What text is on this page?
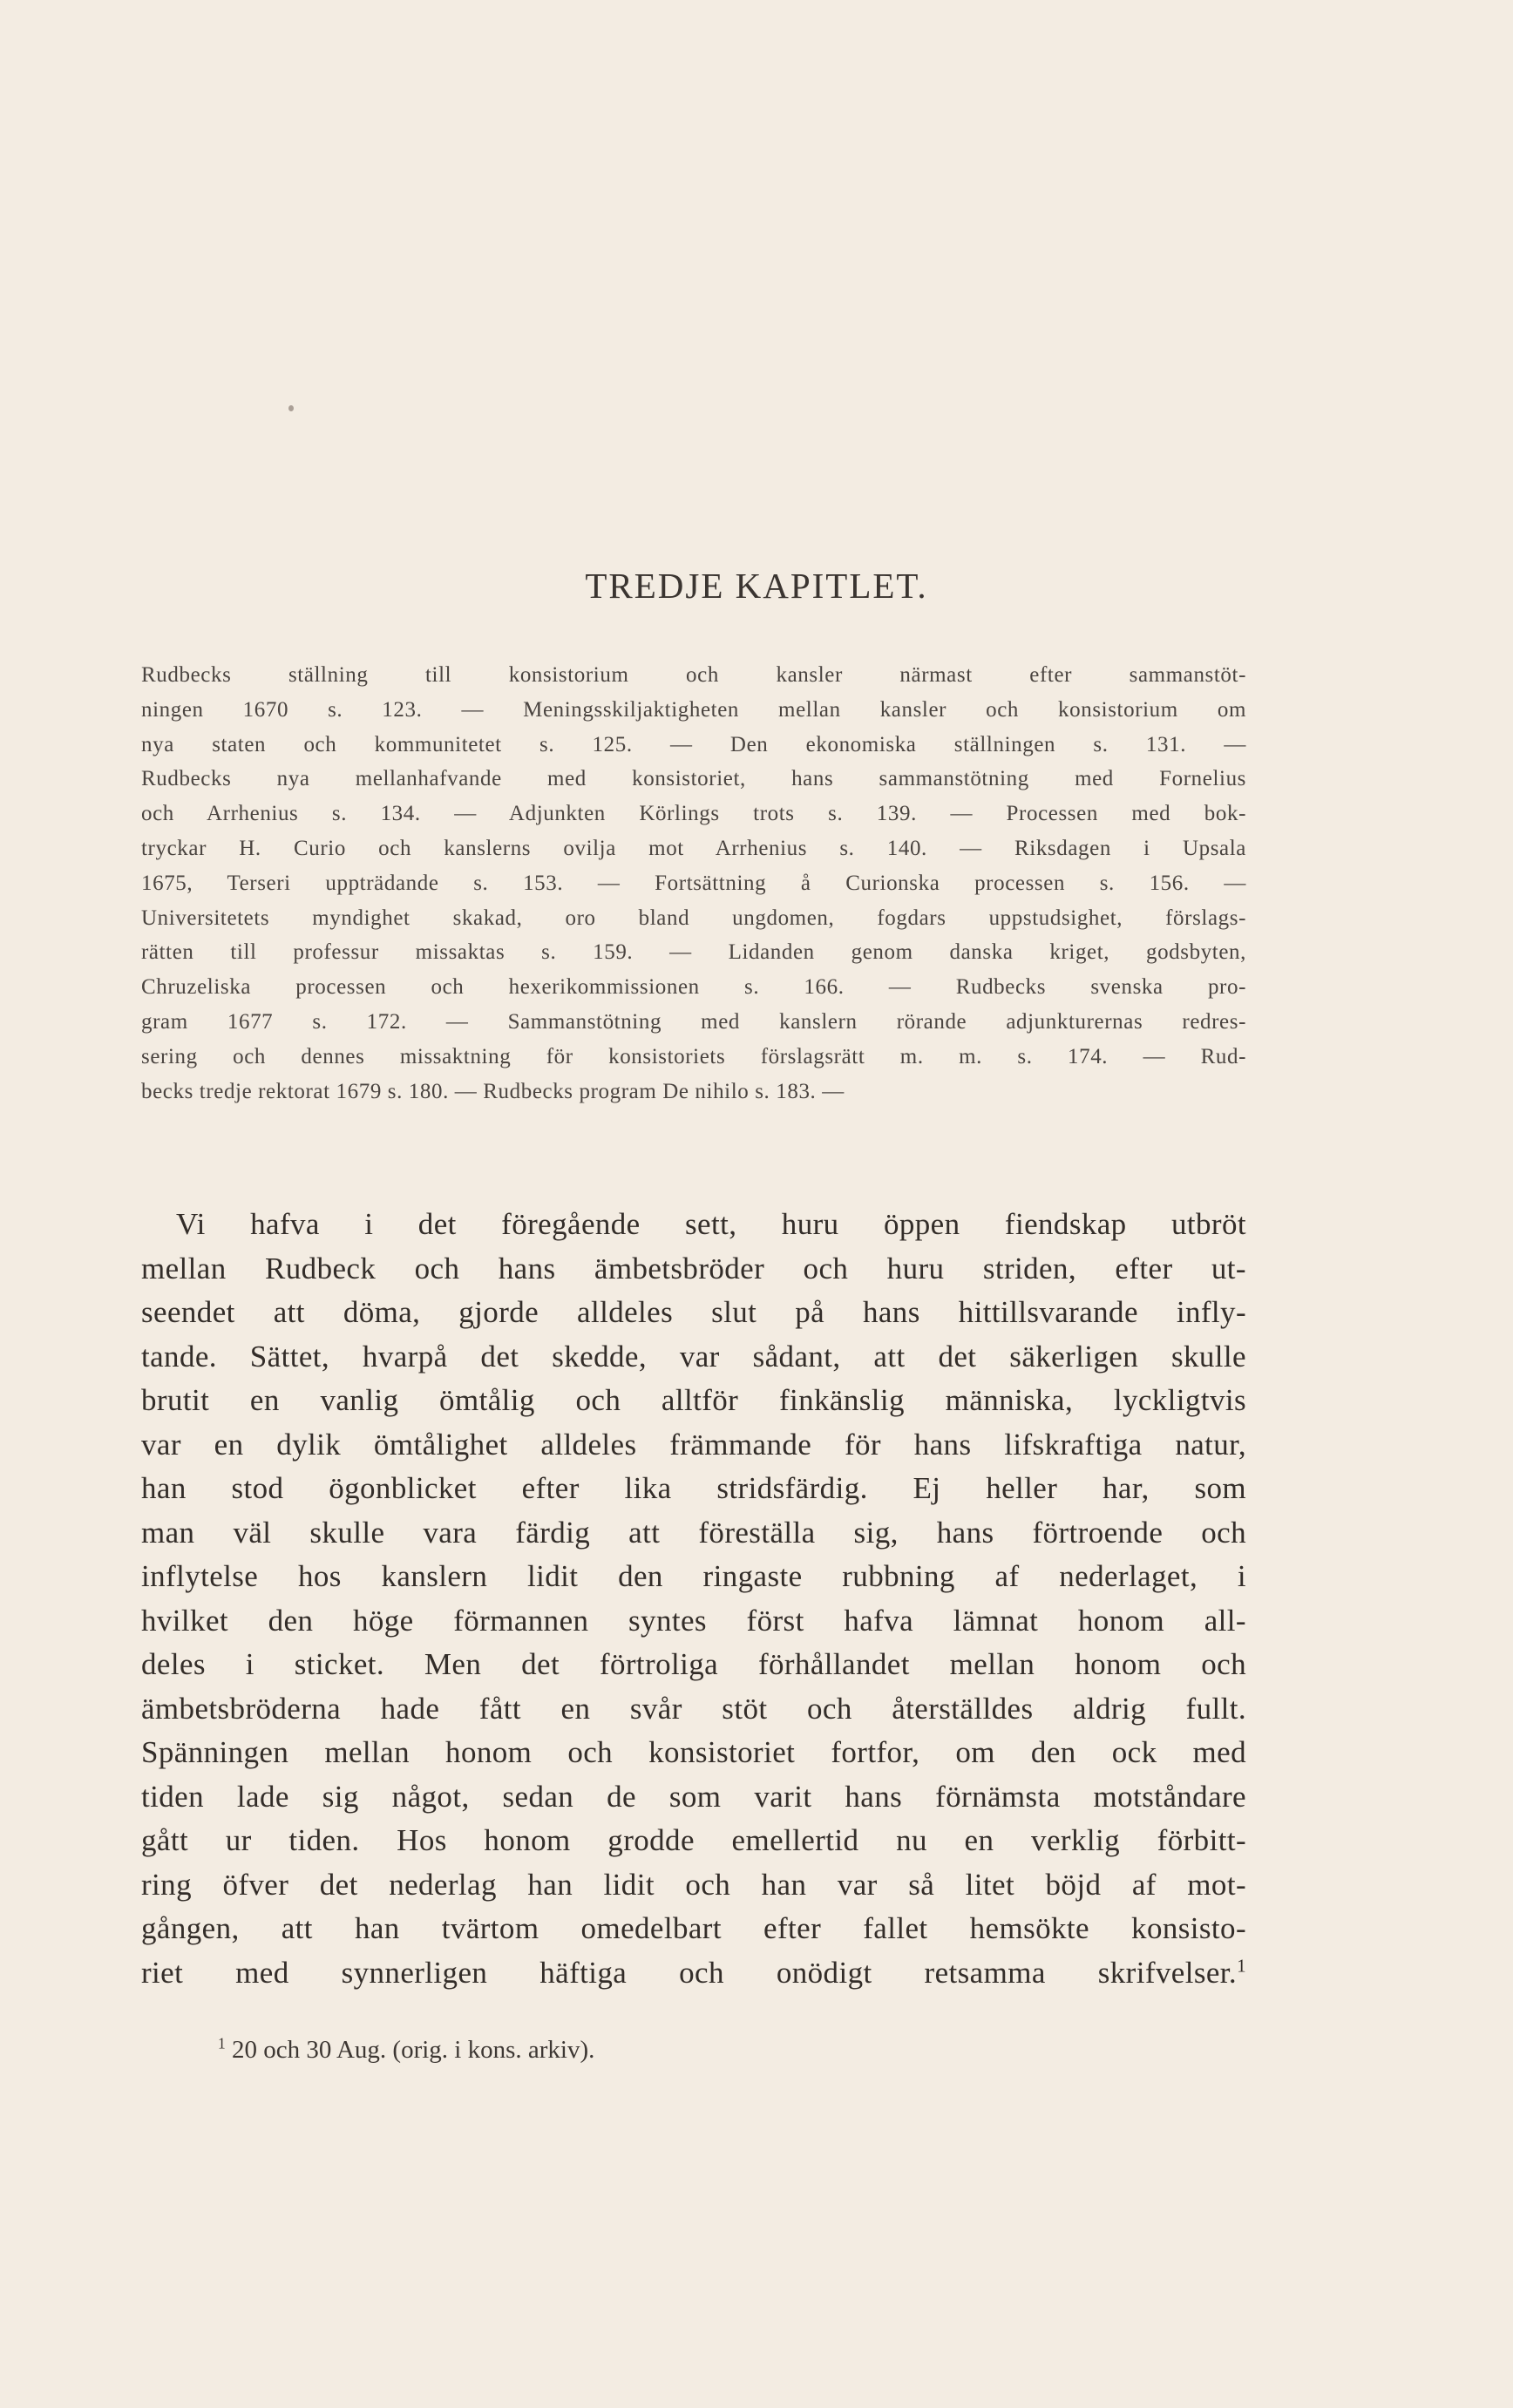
TREDJE KAPITLET.
Rudbecks ställning till konsistorium och kansler närmast efter sammanstöt-
ningen 1670 s. 123. — Meningsskiljaktigheten mellan kansler och konsistorium om
nya staten och kommunitetet s. 125. — Den ekonomiska ställningen s. 131. —
Rudbecks nya mellanhafvande med konsistoriet, hans sammanstötning med Fornelius
och Arrhenius s. 134. — Adjunkten Körlings trots s. 139. — Processen med bok-
tryckar H. Curio och kanslerns ovilja mot Arrhenius s. 140. — Riksdagen i Upsala
1675, Terseri uppträdande s. 153. — Fortsättning å Curionska processen s. 156. —
Universitetets myndighet skakad, oro bland ungdomen, fogdars uppstudsighet, förslags-
rätten till professur missaktas s. 159. — Lidanden genom danska kriget, godsbyten,
Chruzeliska processen och hexerikommissionen s. 166. — Rudbecks svenska pro-
gram 1677 s. 172. — Sammanstötning med kanslern rörande adjunkturernas redres-
sering och dennes missaktning för konsistoriets förslagsrätt m. m. s. 174. — Rud-
becks tredje rektorat 1679 s. 180. — Rudbecks program De nihilo s. 183. —
Vi hafva i det föregående sett, huru öppen fiendskap utbröt
mellan Rudbeck och hans ämbetsbröder och huru striden, efter ut-
seendet att döma, gjorde alldeles slut på hans hittillsvarande infly-
tande. Sättet, hvarpå det skedde, var sådant, att det säkerligen skulle
brutit en vanlig ömtålig och alltför finkänslig människa, lyckligtvis
var en dylik ömtålighet alldeles främmande för hans lifskraftiga natur,
han stod ögonblicket efter lika stridsfärdig. Ej heller har, som
man väl skulle vara färdig att föreställa sig, hans förtroende och
inflytelse hos kanslern lidit den ringaste rubbning af nederlaget, i
hvilket den höge förmannen syntes först hafva lämnat honom all-
deles i sticket. Men det förtroliga förhållandet mellan honom och
ämbetsbröderna hade fått en svår stöt och återställdes aldrig fullt.
Spänningen mellan honom och konsistoriet fortfor, om den ock med
tiden lade sig något, sedan de som varit hans förnämsta motståndare
gått ur tiden. Hos honom grodde emellertid nu en verklig förbitt-
ring öfver det nederlag han lidit och han var så litet böjd af mot-
gången, att han tvärtom omedelbart efter fallet hemsökte konsisto-
riet med synnerligen häftiga och onödigt retsamma skrifvelser.$^1$
$^1$ 20 och 30 Aug. (orig. i kons. arkiv).
